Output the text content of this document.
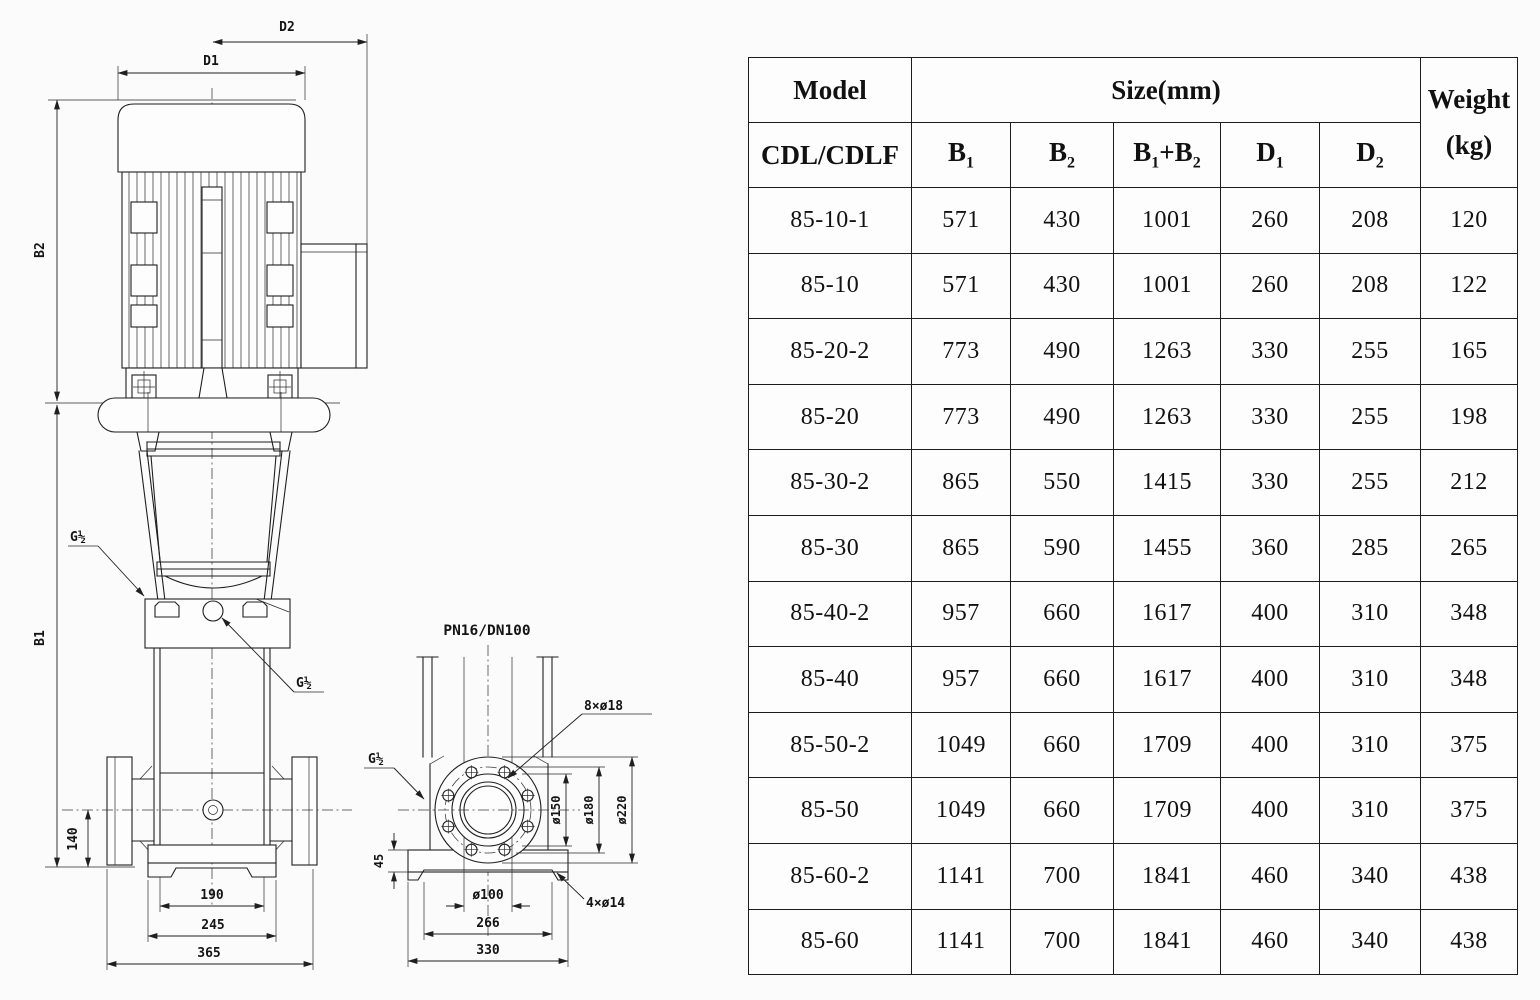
D2
D1
B2
B1
G½
G½
190
245
365
140
PN16/DN100
ø150 ø180 ø220
45
ø100
266
330
8×ø18
G½
4×ø14
Model	Size(mm)					Weight
(kg)

CDL/CDLF	$B_1$	$B_2$	$B_1+B_2$	$D_1$	$D_2$
85-10-1	571	430	1001	260	208	120
85-10	571	430	1001	260	208	122
85-20-2	773	490	1263	330	255	165
85-20	773	490	1263	330	255	198
85-30-2	865	550	1415	330	255	212
85-30	865	590	1455	360	285	265
85-40-2	957	660	1617	400	310	348
85-40	957	660	1617	400	310	348
85-50-2	1049	660	1709	400	310	375
85-50	1049	660	1709	400	310	375
85-60-2	1141	700	1841	460	340	438
85-60	1141	700	1841	460	340	438
